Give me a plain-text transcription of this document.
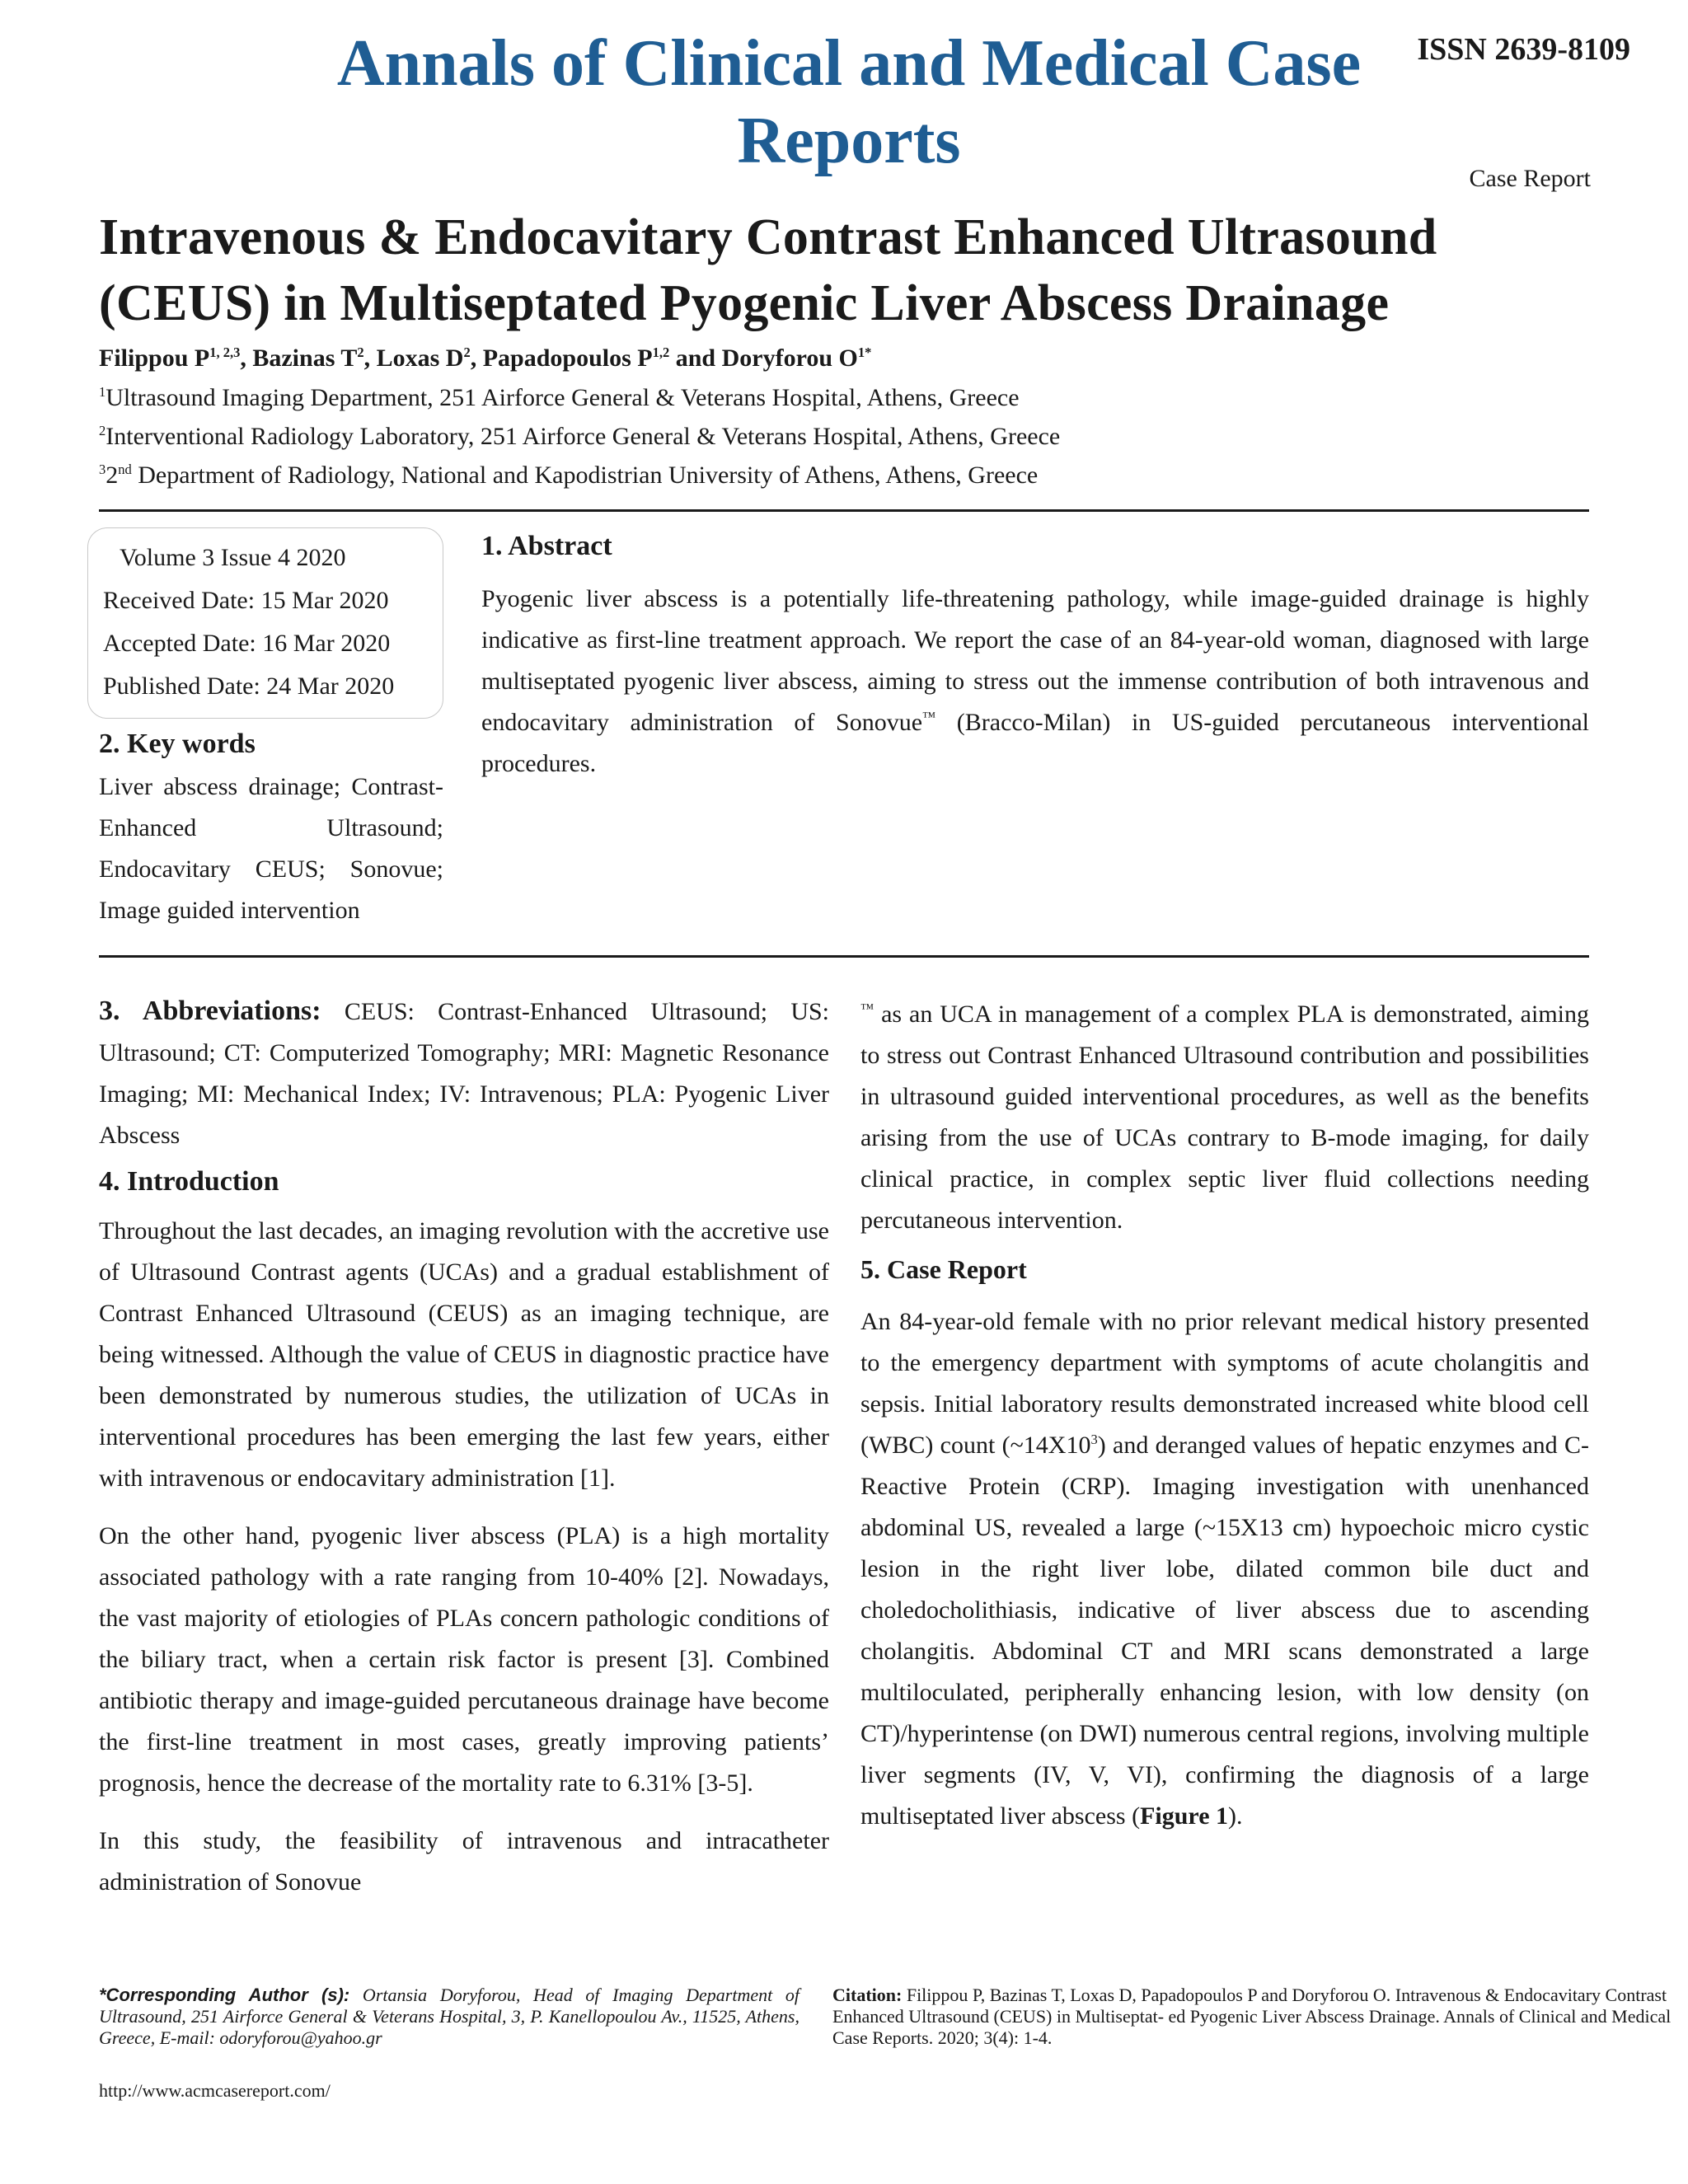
Annals of Clinical and Medical Case Reports
ISSN 2639-8109
Case Report
Intravenous & Endocavitary Contrast Enhanced Ultrasound (CEUS) in Multiseptated Pyogenic Liver Abscess Drainage
Filippou P$^{1, 2,3}$, Bazinas $T^2$, Loxas $D^2$, Papadopoulos P$^{1,2}$ and Doryforou $O^{1*}$
$^1$Ultrasound Imaging Department, 251 Airforce General & Veterans Hospital, Athens, Greece
$^2$Interventional Radiology Laboratory, 251 Airforce General & Veterans Hospital, Athens, Greece
$^3$2nd Department of Radiology, National and Kapodistrian University of Athens, Athens, Greece
Volume 3 Issue 4 2020
Received Date: 15 Mar 2020
Accepted Date: 16 Mar 2020
Published Date: 24 Mar 2020
2. Key words
Liver abscess drainage; Contrast-Enhanced Ultrasound; Endocavitary CEUS; Sonovue; Image guided intervention
1. Abstract
Pyogenic liver abscess is a potentially life-threatening pathology, while image-guided drainage is highly indicative as first-line treatment approach. We report the case of an 84-year-old woman, diagnosed with large multiseptated pyogenic liver abscess, aiming to stress out the immense contribution of both intravenous and endocavitary administration of Sonovue™ (Bracco-Milan) in US-guided percutaneous interventional procedures.
3. Abbreviations: CEUS: Contrast-Enhanced Ultrasound; US: Ultrasound; CT: Computerized Tomography; MRI: Magnetic Resonance Imaging; MI: Mechanical Index; IV: Intravenous; PLA: Pyogenic Liver Abscess
4. Introduction

Throughout the last decades, an imaging revolution with the accretive use of Ultrasound Contrast agents (UCAs) and a gradual establishment of Contrast Enhanced Ultrasound (CEUS) as an imaging technique, are being witnessed. Although the value of CEUS in diagnostic practice have been demonstrated by numerous studies, the utilization of UCAs in interventional procedures has been emerging the last few years, either with intravenous or endocavitary administration [1].

On the other hand, pyogenic liver abscess (PLA) is a high mortality associated pathology with a rate ranging from 10-40% [2]. Nowadays, the vast majority of etiologies of PLAs concern pathologic conditions of the biliary tract, when a certain risk factor is present [3]. Combined antibiotic therapy and image-guided percutaneous drainage have become the first-line treatment in most cases, greatly improving patients’ prognosis, hence the decrease of the mortality rate to 6.31% [3-5].

In this study, the feasibility of intravenous and intracatheter administration of Sonovue

™ as an UCA in management of a complex PLA is demonstrated, aiming to stress out Contrast Enhanced Ultrasound contribution and possibilities in ultrasound guided interventional procedures, as well as the benefits arising from the use of UCAs contrary to B-mode imaging, for daily clinical practice, in complex septic liver fluid collections needing percutaneous intervention.
5. Case Report
An 84-year-old female with no prior relevant medical history presented to the emergency department with symptoms of acute cholangitis and sepsis. Initial laboratory results demonstrated increased white blood cell (WBC) count $(\sim 14X10^3)$ and deranged values of hepatic enzymes and C-Reactive Protein (CRP). Imaging investigation with unenhanced abdominal US, revealed a large (~15X13 cm) hypoechoic micro cystic lesion in the right liver lobe, dilated common bile duct and choledocholithiasis, indicative of liver abscess due to ascending cholangitis. Abdominal CT and MRI scans demonstrated a large multiloculated, peripherally enhancing lesion, with low density (on CT)/hyperintense (on DWI) numerous central regions, involving multiple liver segments (IV, V, VI), confirming the diagnosis of a large multiseptated liver abscess (Figure 1).
*Corresponding Author (s): Ortansia Doryforou, Head of Imaging Department of Ultrasound, 251 Airforce General & Veterans Hospital, 3, P. Kanellopoulou Av., 11525, Athens, Greece, E-mail: odoryforou@yahoo.gr
Citation: Filippou P, Bazinas T, Loxas D, Papadopoulos P and Doryforou O. Intravenous & Endocavitary Contrast Enhanced Ultrasound (CEUS) in Multiseptat- ed Pyogenic Liver Abscess Drainage. Annals of Clinical and Medical Case Reports. 2020; 3(4): 1-4.
http://www.acmcasereport.com/
